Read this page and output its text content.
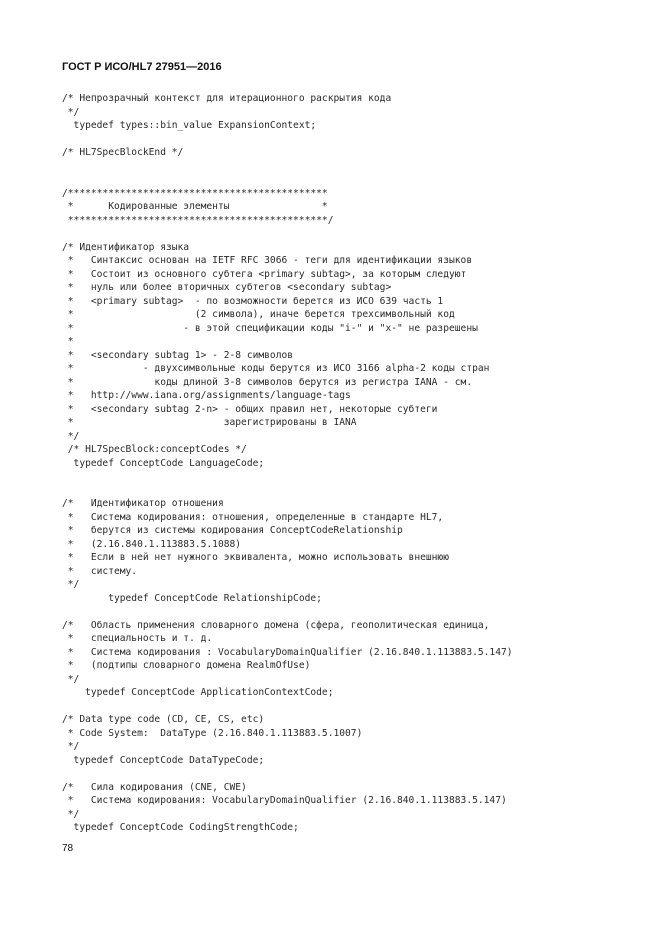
ГОСТ Р ИСО/HL7 27951—2016
/* Непрозрачный контекст для итерационного раскрытия кода
*/
typedef types::bin_value ExpansionContext;

/* HL7SpecBlockEnd */

/*********************************************
*      Кодированные элементы                *
*********************************************/

/* Идентификатор языка
*   Синтаксис основан на IETF RFC 3066 - теги для идентификации языков
*   Состоит из основного субтега <primary subtag>, за которым следуют
*   нуль или более вторичных субтегов <secondary subtag>
*   <primary subtag>  - по возможности берется из ИСО 639 часть 1
*                     (2 символа), иначе берется трехсимвольный код
*                   - в этой спецификации коды "i-" и "x-" не разрешены
*
*   <secondary subtag 1> - 2-8 символов
*            - двухсимвольные коды берутся из ИСО 3166 alpha-2 коды стран
*              коды длиной 3-8 символов берутся из регистра IANA - см.
*   http://www.iana.org/assignments/language-tags
*   <secondary subtag 2-n> - общих правил нет, некоторые субтеги
*                          зарегистрированы в IANA
*/
/* HL7SpecBlock:conceptCodes */
typedef ConceptCode LanguageCode;

/*   Идентификатор отношения
*   Система кодирования: отношения, определенные в стандарте HL7,
*   берутся из системы кодирования ConceptCodeRelationship
*   (2.16.840.1.113883.5.1088)
*   Если в ней нет нужного эквивалента, можно использовать внешнюю
*   систему.
*/
typedef ConceptCode RelationshipCode;

/*   Область применения словарного домена (сфера, геополитическая единица,
*   специальность и т. д.
*   Система кодирования : VocabularyDomainQualifier (2.16.840.1.113883.5.147)
*   (подтипы словарного домена RealmOfUse)
*/
typedef ConceptCode ApplicationContextCode;

/* Data type code (CD, CE, CS, etc)
* Code System:  DataType (2.16.840.1.113883.5.1007)
*/
typedef ConceptCode DataTypeCode;

/*   Сила кодирования (CNE, CWE)
*   Система кодирования: VocabularyDomainQualifier (2.16.840.1.113883.5.147)
*/
typedef ConceptCode CodingStrengthCode;
78
